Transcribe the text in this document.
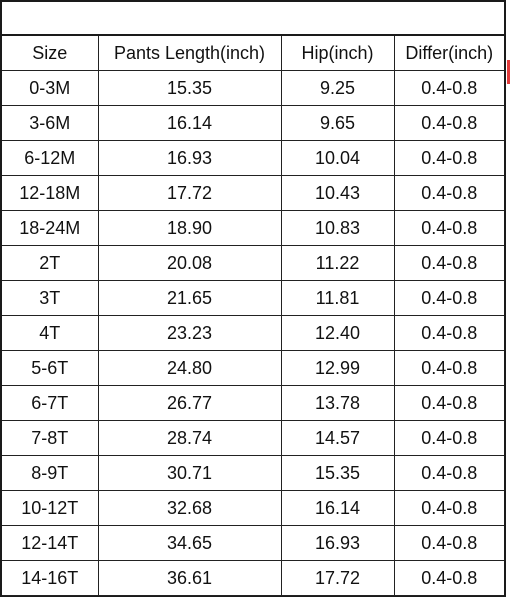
Size	Pants Length(inch)	Hip(inch)	Differ(inch)
0-3M	15.35	9.25	0.4-0.8
3-6M	16.14	9.65	0.4-0.8
6-12M	16.93	10.04	0.4-0.8
12-18M	17.72	10.43	0.4-0.8
18-24M	18.90	10.83	0.4-0.8
2T	20.08	11.22	0.4-0.8
3T	21.65	11.81	0.4-0.8
4T	23.23	12.40	0.4-0.8
5-6T	24.80	12.99	0.4-0.8
6-7T	26.77	13.78	0.4-0.8
7-8T	28.74	14.57	0.4-0.8
8-9T	30.71	15.35	0.4-0.8
10-12T	32.68	16.14	0.4-0.8
12-14T	34.65	16.93	0.4-0.8
14-16T	36.61	17.72	0.4-0.8
